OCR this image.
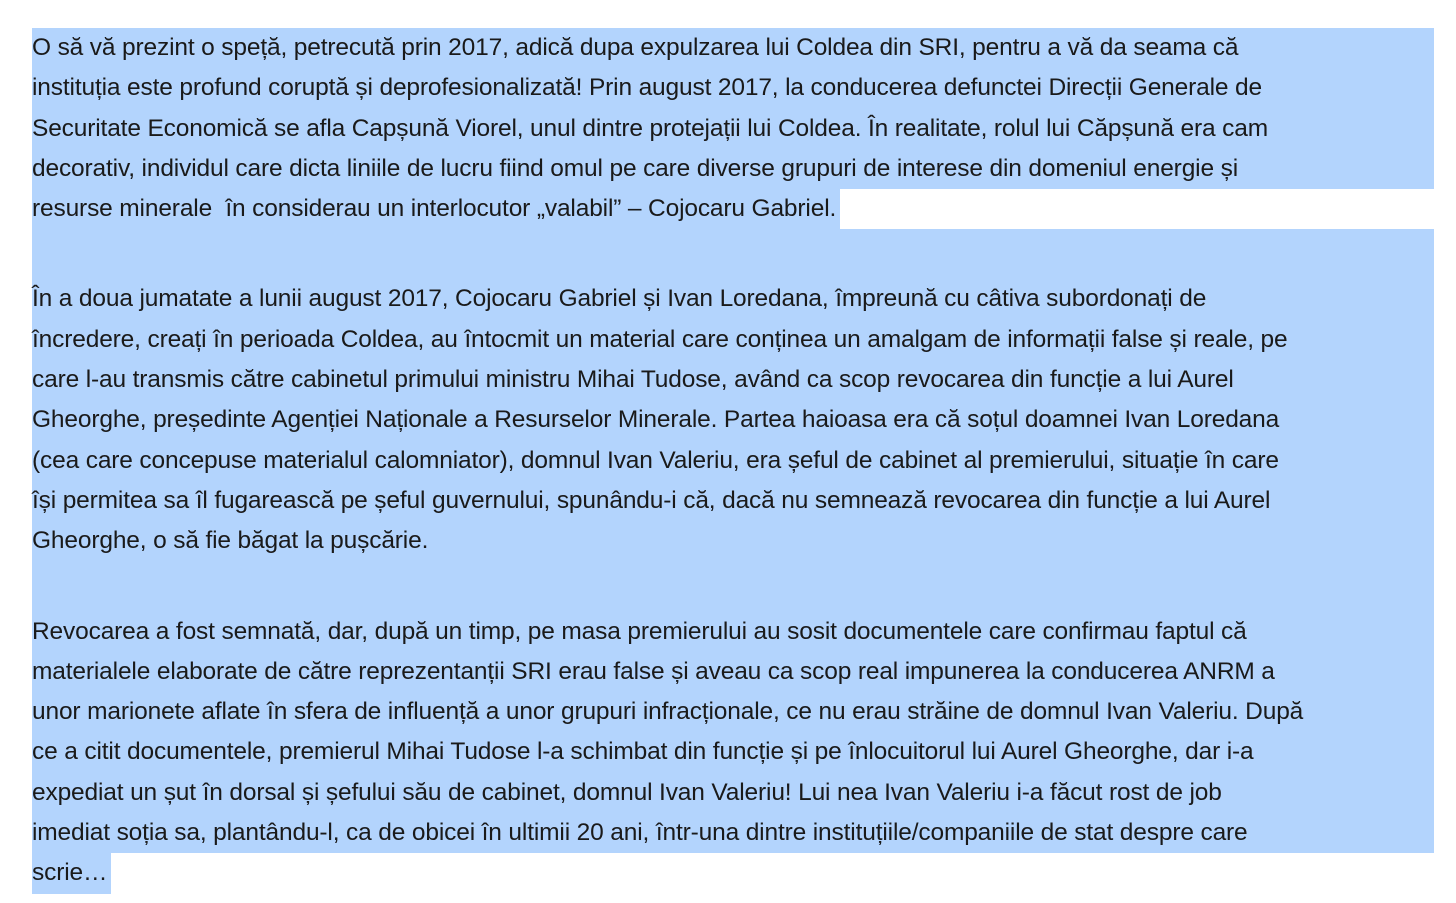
O să vă prezint o speță, petrecută prin 2017, adică dupa expulzarea lui Coldea din SRI, pentru a vă da seama că
instituția este profund coruptă și deprofesionalizată! Prin august 2017, la conducerea defunctei Direcții Generale de
Securitate Economică se afla Capșună Viorel, unul dintre protejații lui Coldea. În realitate, rolul lui Căpșună era cam
decorativ, individul care dicta liniile de lucru fiind omul pe care diverse grupuri de interese din domeniul energie și
resurse minerale  în considerau un interlocutor „valabil” – Cojocaru Gabriel.
În a doua jumatate a lunii august 2017, Cojocaru Gabriel și Ivan Loredana, împreună cu câtiva subordonați de
încredere, creați în perioada Coldea, au întocmit un material care conținea un amalgam de informații false și reale, pe
care l-au transmis către cabinetul primului ministru Mihai Tudose, având ca scop revocarea din funcție a lui Aurel
Gheorghe, președinte Agenției Naționale a Resurselor Minerale. Partea haioasa era că soțul doamnei Ivan Loredana
(cea care concepuse materialul calomniator), domnul Ivan Valeriu, era șeful de cabinet al premierului, situație în care
își permitea sa îl fugarească pe șeful guvernului, spunându-i că, dacă nu semnează revocarea din funcție a lui Aurel
Gheorghe, o să fie băgat la pușcărie.
Revocarea a fost semnată, dar, după un timp, pe masa premierului au sosit documentele care confirmau faptul că
materialele elaborate de către reprezentanții SRI erau false și aveau ca scop real impunerea la conducerea ANRM a
unor marionete aflate în sfera de influență a unor grupuri infracționale, ce nu erau străine de domnul Ivan Valeriu. După
ce a citit documentele, premierul Mihai Tudose l-a schimbat din funcție și pe înlocuitorul lui Aurel Gheorghe, dar i-a
expediat un șut în dorsal și șefului său de cabinet, domnul Ivan Valeriu! Lui nea Ivan Valeriu i-a făcut rost de job
imediat soția sa, plantându-l, ca de obicei în ultimii 20 ani, într-una dintre instituțiile/companiile de stat despre care
scrie…
